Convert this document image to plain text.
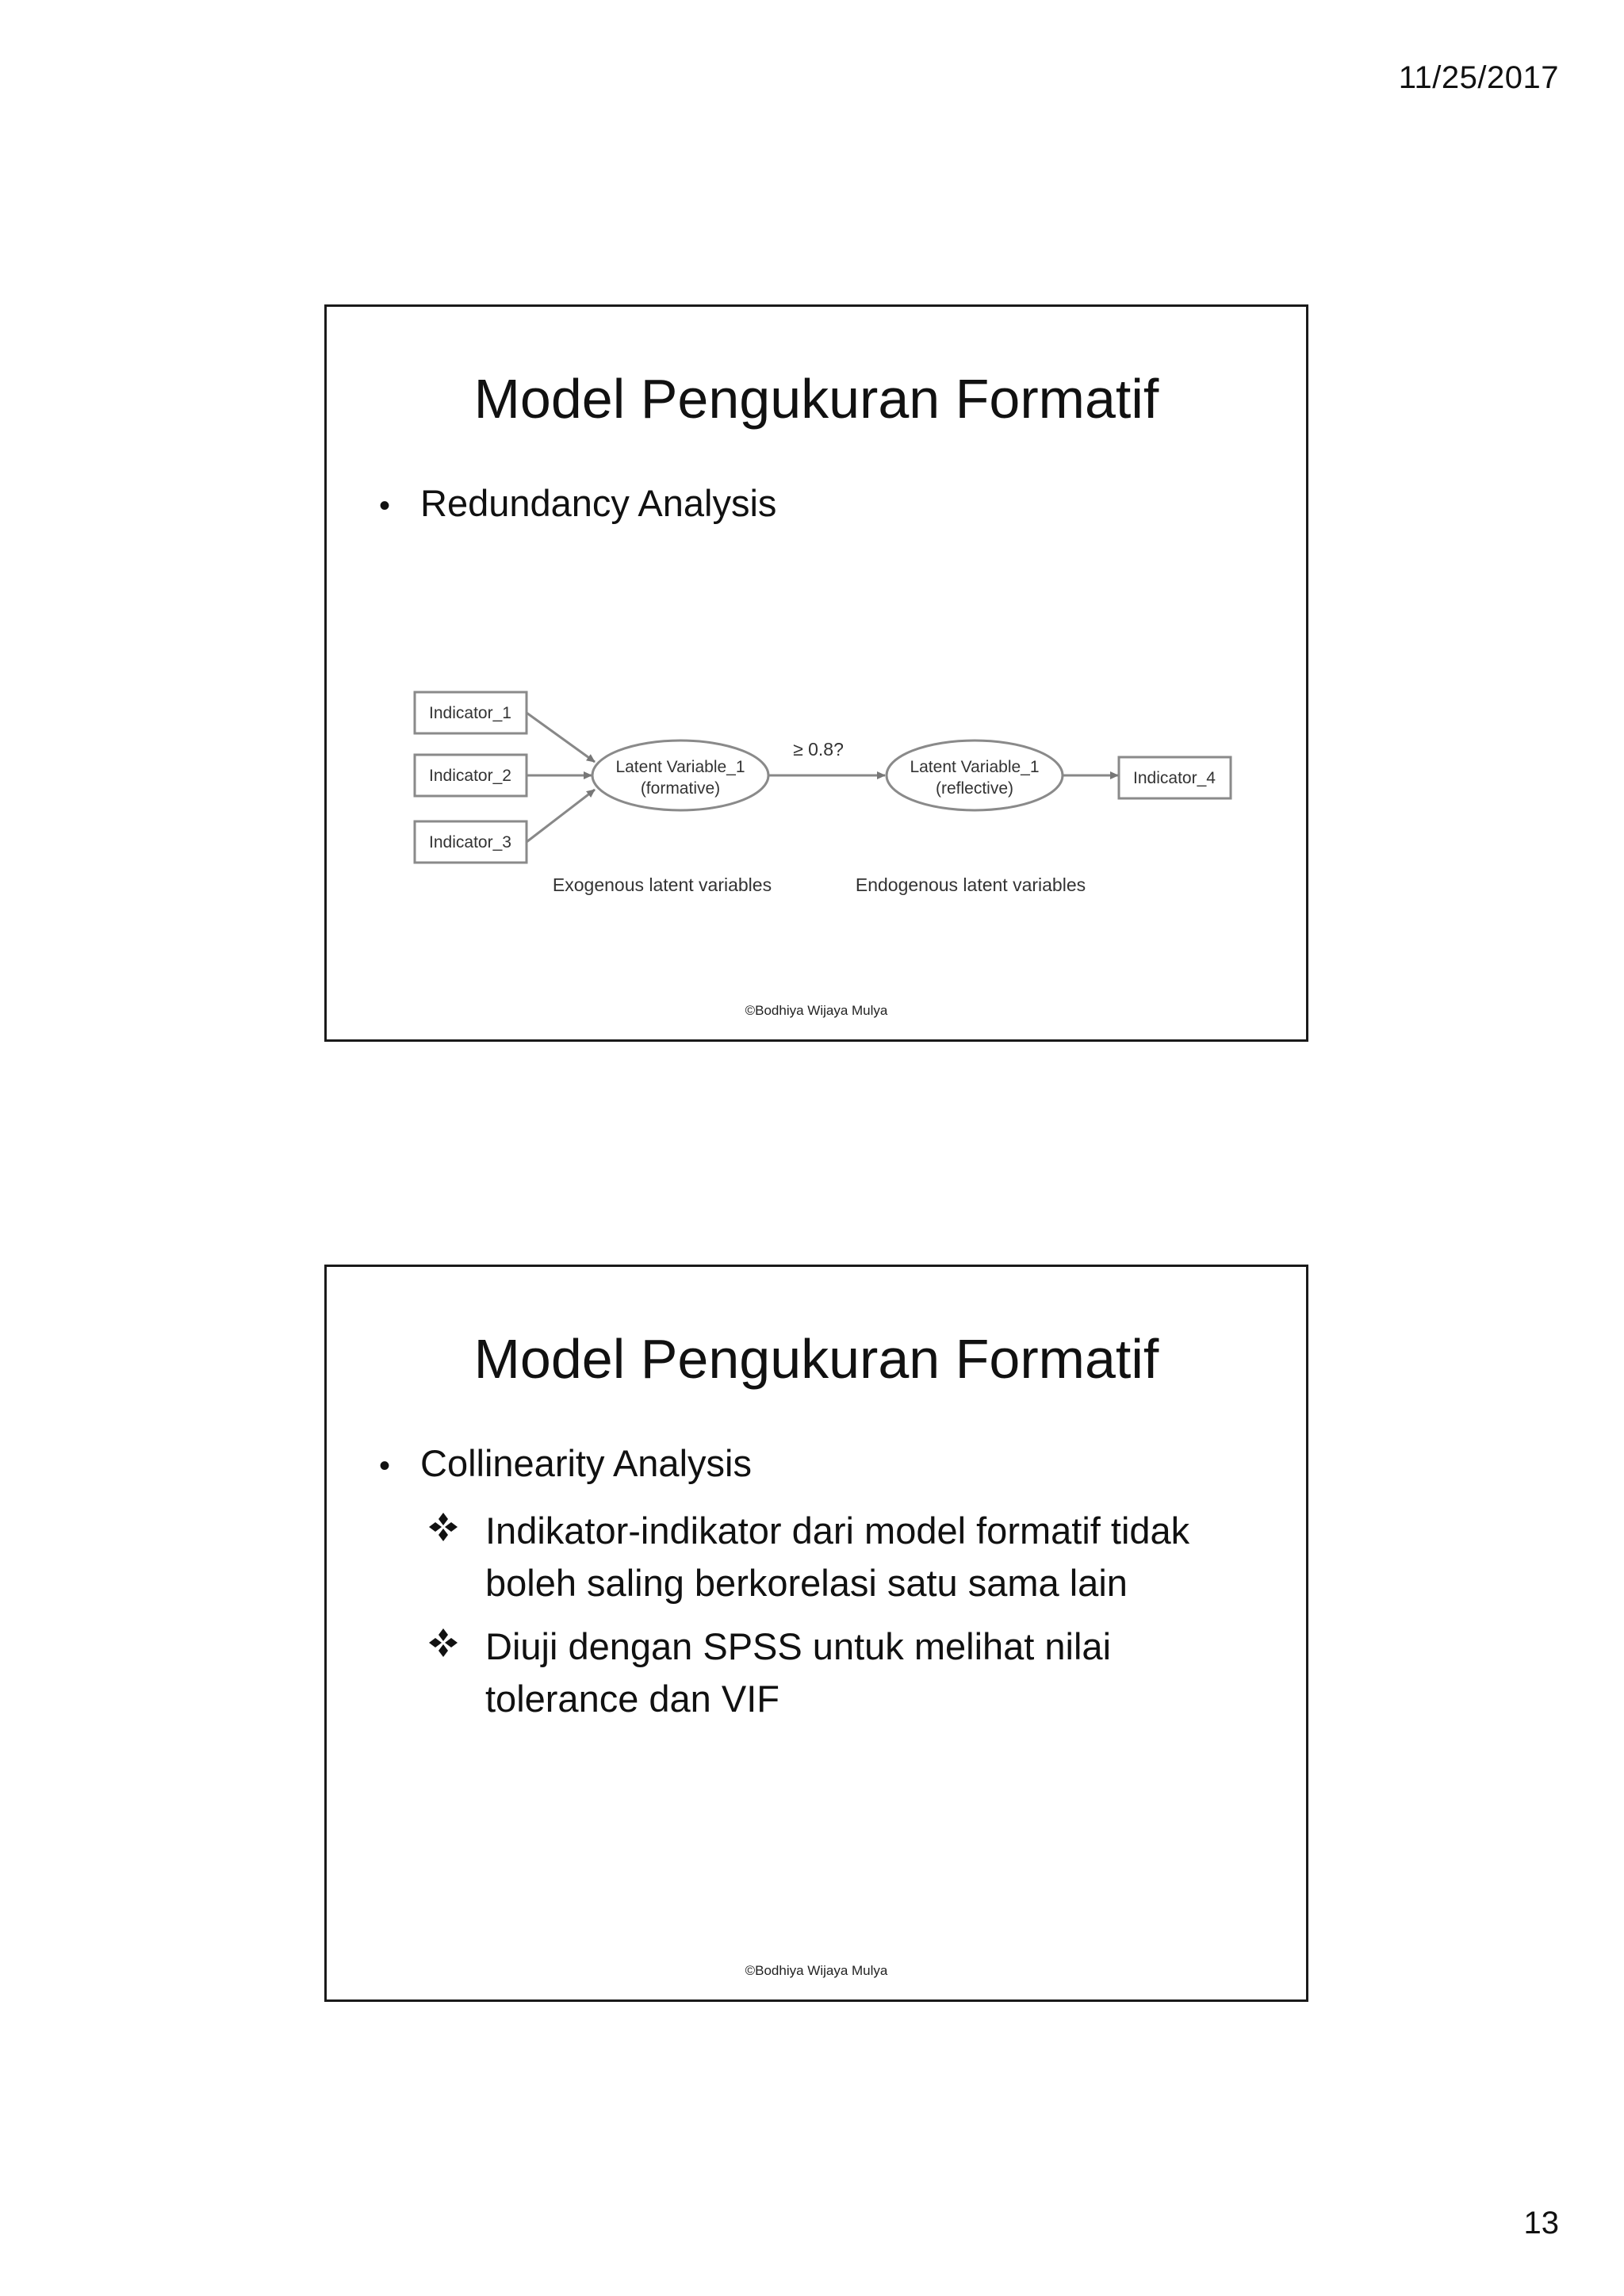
11/25/2017
Model Pengukuran Formatif
• Redundancy Analysis
Indicator_1
Indicator_2
Indicator_3
Latent Variable_1
(formative)
≥ 0.8?
Latent Variable_1
(reflective)
Indicator_4
Exogenous latent variables	Endogenous latent variables
©Bodhiya Wijaya Mulya
Model Pengukuran Formatif
• Collinearity Analysis
Indikator-indikator dari model formatif tidak boleh saling berkorelasi satu sama lain
Diuji dengan SPSS untuk melihat nilai tolerance dan VIF
©Bodhiya Wijaya Mulya
13
